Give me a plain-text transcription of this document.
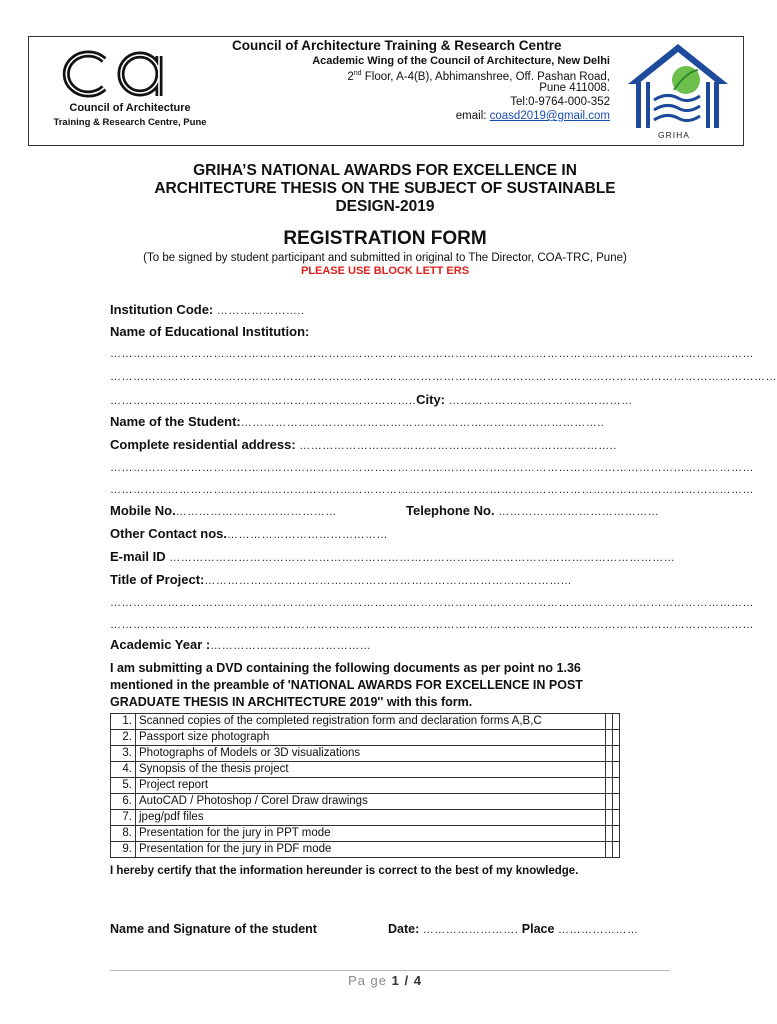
Council of Architecture
Training & Research Centre, Pune
Council of Architecture Training & Research Centre
Academic Wing of the Council of Architecture, New Delhi
2nd Floor, A-4(B), Abhimanshree, Off. Pashan Road,
Pune 411008.
Tel:0-9764-000-352
email: coasd2019@gmail.com
GRIHA
GRIHA’S NATIONAL AWARDS FOR EXCELLENCE IN
ARCHITECTURE THESIS ON THE SUBJECT OF SUSTAINABLE
DESIGN-2019
REGISTRATION FORM
(To be signed by student participant and submitted in original to The Director, COA-TRC, Pune)
PLEASE USE BLOCK LETT ERS
Institution Code: …………………..
Name of Educational Institution:
……………………………………………………………………………………………………………………………………………………
…………………………………………………………………………………………………………………………………………………………
……………………………………………………………………..City: …………………………………………
Name of the Student:…………………………………………………………………………………..
Complete residential address: ………………………………………………………………………..
……………………………………………………………………………………………………………………………………………………
……………………………………………………………………………………………………………………………………………………
Mobile No.……………………………………	Telephone No. ……………………………………
Other Contact nos.……………………………………
E-mail ID ……………………………………………………………………………………………………………………
Title of Project:…………………………………………………………………………………...
……………………………………………………………………………………………………………………………………………………
……………………………………………………………………………………………………………………………………………………
Academic Year :……………………………………
I am submitting a DVD containing the following documents as per point no 1.36 mentioned in the preamble of 'NATIONAL AWARDS FOR EXCELLENCE IN POST GRADUATE THESIS IN ARCHITECTURE 2019'' with this form.
1.	Scanned copies of the completed registration form and declaration forms A,B,C		
2.	Passport size photograph		
3.	Photographs of Models or 3D visualizations		
4.	Synopsis of the thesis project		
5.	Project report		
6.	AutoCAD / Photoshop / Corel Draw drawings		
7.	jpeg/pdf files		
8.	Presentation for the jury in PPT mode		
9.	Presentation for the jury in PDF mode		
I hereby certify that the information hereunder is correct to the best of my knowledge.
Name and Signature of the student	Date: ……………………. Place …………………
Pa ge 1 / 4
